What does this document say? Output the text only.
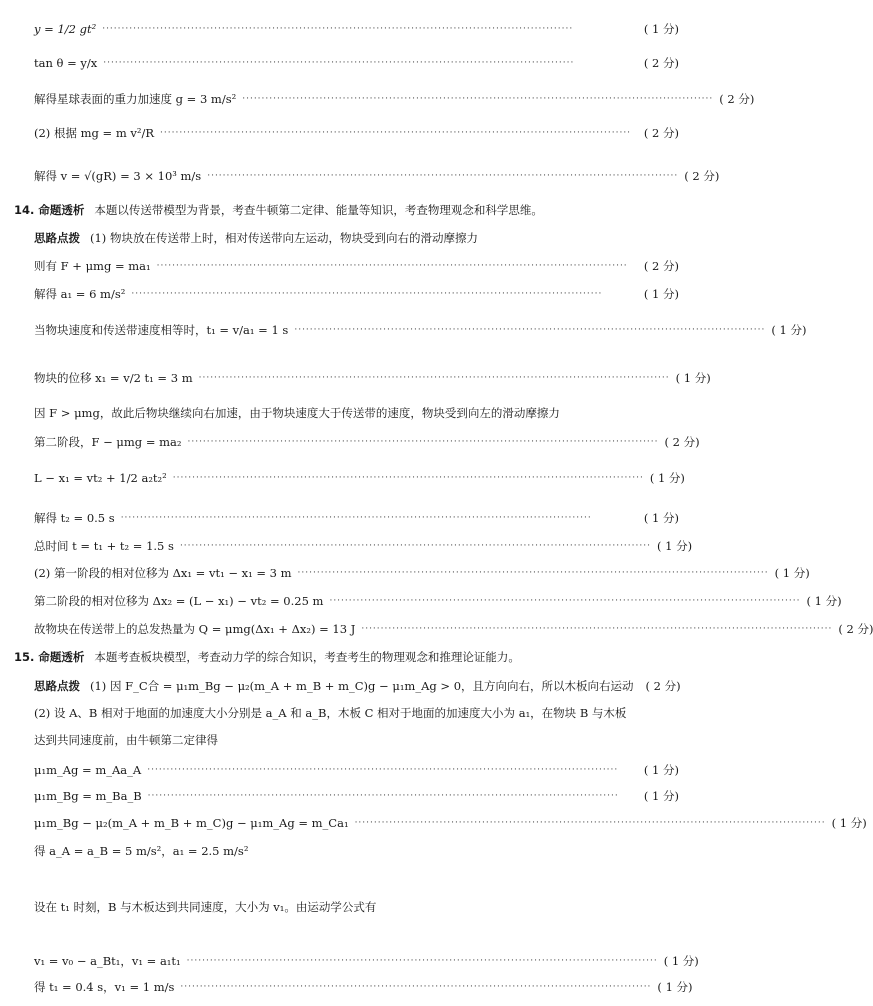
y = 1/2 gt² ··························································································································	( 1 分)
tan θ = y/x ··························································································································	( 2 分)
解得星球表面的重力加速度 g = 3 m/s² ·························································································································· ( 2 分)
(2) 根据 mg = m v²/R ··························································································································	( 2 分)
解得 v = √(gR) = 3 × 10³ m/s ·························································································································· ( 2 分)
14. 命题透析 本题以传送带模型为背景，考查牛顿第二定律、能量等知识，考查物理观念和科学思维。
思路点拨 (1) 物块放在传送带上时，相对传送带向左运动，物块受到向右的滑动摩擦力
则有 F + μmg = ma₁ ··························································································································	( 2 分)
解得 a₁ = 6 m/s² ··························································································································	( 1 分)
当物块速度和传送带速度相等时，t₁ = v/a₁ = 1 s ·························································································································· ( 1 分)
物块的位移 x₁ = v/2 t₁ = 3 m ·························································································································· ( 1 分)
因 F > μmg，故此后物块继续向右加速，由于物块速度大于传送带的速度，物块受到向左的滑动摩擦力
第二阶段，F − μmg = ma₂ ·························································································································· ( 2 分)
L − x₁ = vt₂ + 1/2 a₂t₂² ·························································································································· ( 1 分)
解得 t₂ = 0.5 s ··························································································································	( 1 分)
总时间 t = t₁ + t₂ = 1.5 s ·························································································································· ( 1 分)
(2) 第一阶段的相对位移为 Δx₁ = vt₁ − x₁ = 3 m ·························································································································· ( 1 分)
第二阶段的相对位移为 Δx₂ = (L − x₁) − vt₂ = 0.25 m ·························································································································· ( 1 分)
故物块在传送带上的总发热量为 Q = μmg(Δx₁ + Δx₂) = 13 J ·························································································································· ( 2 分)
15. 命题透析 本题考查板块模型，考查动力学的综合知识，考查考生的物理观念和推理论证能力。
思路点拨 (1) 因 F_C合 = μ₁m_Bg − μ₂(m_A + m_B + m_C)g − μ₁m_Ag > 0，且方向向右，所以木板向右运动 ( 2 分)
(2) 设 A、B 相对于地面的加速度大小分别是 a_A 和 a_B，木板 C 相对于地面的加速度大小为 a₁，在物块 B 与木板
达到共同速度前，由牛顿第二定律得
μ₁m_Ag = m_Aa_A ··························································································································	( 1 分)
μ₁m_Bg = m_Ba_B ··························································································································	( 1 分)
μ₁m_Bg − μ₂(m_A + m_B + m_C)g − μ₁m_Ag = m_Ca₁ ·························································································································· ( 1 分)
得 a_A = a_B = 5 m/s²，a₁ = 2.5 m/s²
设在 t₁ 时刻，B 与木板达到共同速度，大小为 v₁。由运动学公式有
v₁ = v₀ − a_Bt₁，v₁ = a₁t₁ ·························································································································· ( 1 分)
得 t₁ = 0.4 s，v₁ = 1 m/s ·························································································································· ( 1 分)
